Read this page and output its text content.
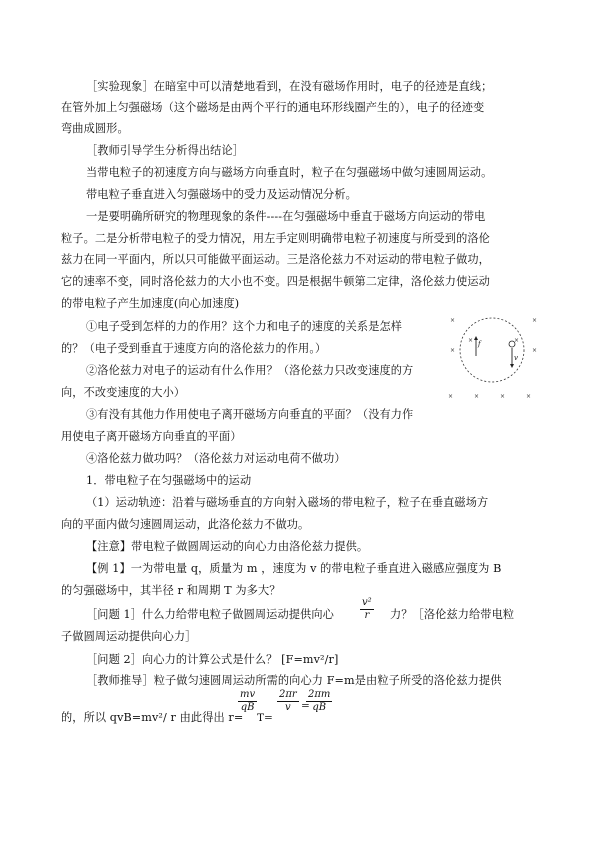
［实验现象］在暗室中可以清楚地看到，在没有磁场作用时，电子的径迹是直线；
在管外加上匀强磁场（这个磁场是由两个平行的通电环形线圈产生的），电子的径迹变
弯曲成圆形。
［教师引导学生分析得出结论］
当带电粒子的初速度方向与磁场方向垂直时，粒子在匀强磁场中做匀速圆周运动。
带电粒子垂直进入匀强磁场中的受力及运动情况分析。
一是要明确所研究的物理现象的条件----在匀强磁场中垂直于磁场方向运动的带电
粒子。二是分析带电粒子的受力情况，用左手定则明确带电粒子初速度与所受到的洛伦
兹力在同一平面内，所以只可能做平面运动。三是洛伦兹力不对运动的带电粒子做功，
它的速率不变，同时洛伦兹力的大小也不变。四是根据牛顿第二定律，洛伦兹力使运动
的带电粒子产生加速度(向心加速度)
①电子受到怎样的力的作用？这个力和电子的速度的关系是怎样
的？（电子受到垂直于速度方向的洛伦兹力的作用。）
②洛伦兹力对电子的运动有什么作用？（洛伦兹力只改变速度的方
向，不改变速度的大小）
③有没有其他力作用使电子离开磁场方向垂直的平面？（没有力作
用使电子离开磁场方向垂直的平面）
④洛伦兹力做功吗？（洛伦兹力对运动电荷不做功）
1．带电粒子在匀强磁场中的运动
（1）运动轨迹：沿着与磁场垂直的方向射入磁场的带电粒子，粒子在垂直磁场方
向的平面内做匀速圆周运动，此洛伦兹力不做功。
【注意】带电粒子做圆周运动的向心力由洛伦兹力提供。
【例 1】一为带电量 q，质量为 m ，速度为 v 的带电粒子垂直进入磁感应强度为 B
的匀强磁场中，其半径 r 和周期 T 为多大？
［问题 1］什么力给带电粒子做圆周运动提供向心	$\frac{\text{v²}}{r}$ 力？［洛伦兹力给带电粒
子做圆周运动提供向心力］
［问题 2］向心力的计算公式是什么？ [F=mv²/r]
［教师推导］粒子做匀速圆周运动所需的向心力 F=m是由粒子所受的洛伦兹力提供
的，所以 qvB=mv²/ r 由此得出 r=
$\frac{mv}{qB}$
T=
$\frac{2\pi r}{v}$ =
$\frac{2\pi m}{qB}$
×	×
×	×
×	×	×	×
×	×
f
v
